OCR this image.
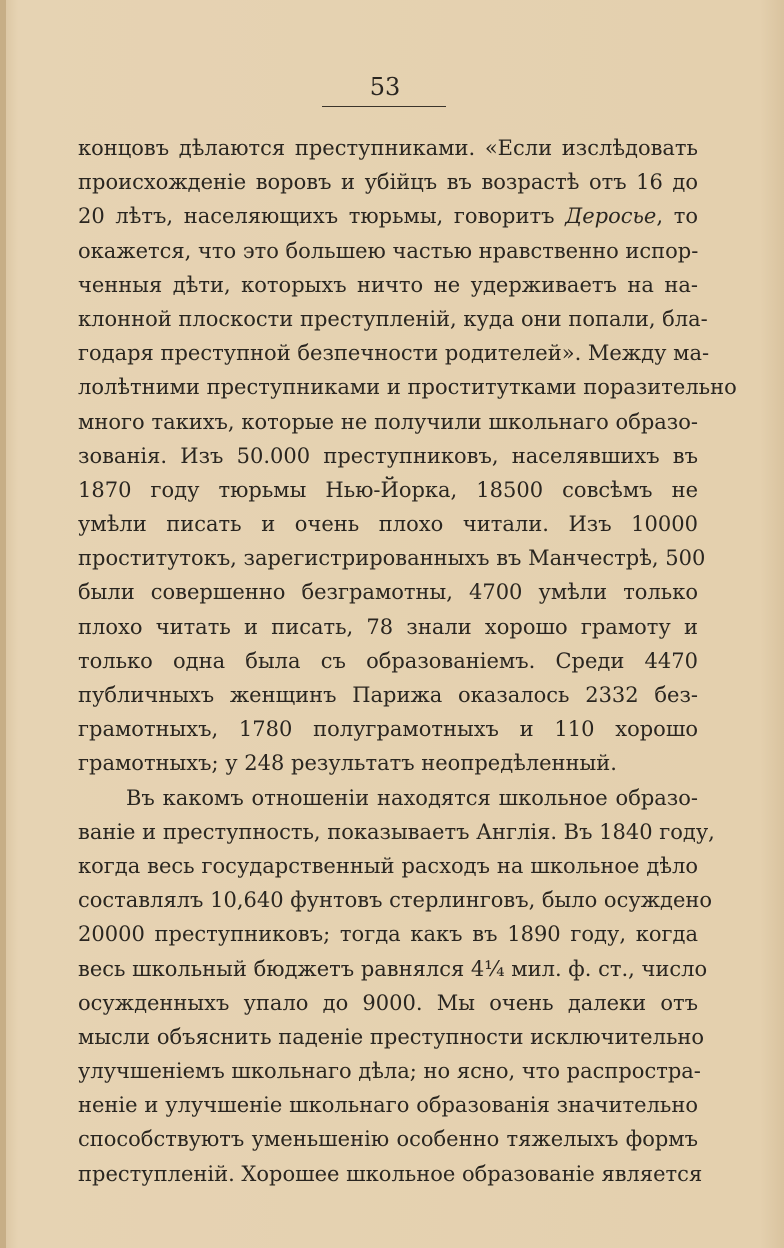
53
концовъ дѣлаются преступниками. «Если изслѣдовать
происхожденіе воровъ и убійцъ въ возрастѣ отъ 16 до
20 лѣтъ, населяющихъ тюрьмы, говоритъ Деросье, то
окажется, что это большею частью нравственно испор-
ченныя дѣти, которыхъ ничто не удерживаетъ на на-
клонной плоскости преступленій, куда они попали, бла-
годаря преступной безпечности родителей». Между ма-
лолѣтними преступниками и проститутками поразительно
много такихъ, которые не получили школьнаго образо-
зованія. Изъ 50.000 преступниковъ, населявшихъ въ
1870 году тюрьмы Нью-Йорка, 18500 совсѣмъ не
умѣли писать и очень плохо читали. Изъ 10000
проститутокъ, зарегистрированныхъ въ Манчестрѣ, 500
были совершенно безграмотны, 4700 умѣли только
плохо читать и писать, 78 знали хорошо грамоту и
только одна была съ образованіемъ. Среди 4470
публичныхъ женщинъ Парижа оказалось 2332 без-
грамотныхъ, 1780 полуграмотныхъ и 110 хорошо
грамотныхъ; у 248 результатъ неопредѣленный.
Въ какомъ отношеніи находятся школьное образо-
ваніе и преступность, показываетъ Англія. Въ 1840 году,
когда весь государственный расходъ на школьное дѣло
составлялъ 10,640 фунтовъ стерлинговъ, было осуждено
20000 преступниковъ; тогда какъ въ 1890 году, когда
весь школьный бюджетъ равнялся 4¼ мил. ф. ст., число
осужденныхъ упало до 9000. Мы очень далеки отъ
мысли объяснить паденіе преступности исключительно
улучшеніемъ школьнаго дѣла; но ясно, что распростра-
неніе и улучшеніе школьнаго образованія значительно
способствуютъ уменьшенію особенно тяжелыхъ формъ
преступленій. Хорошее школьное образованіе является
